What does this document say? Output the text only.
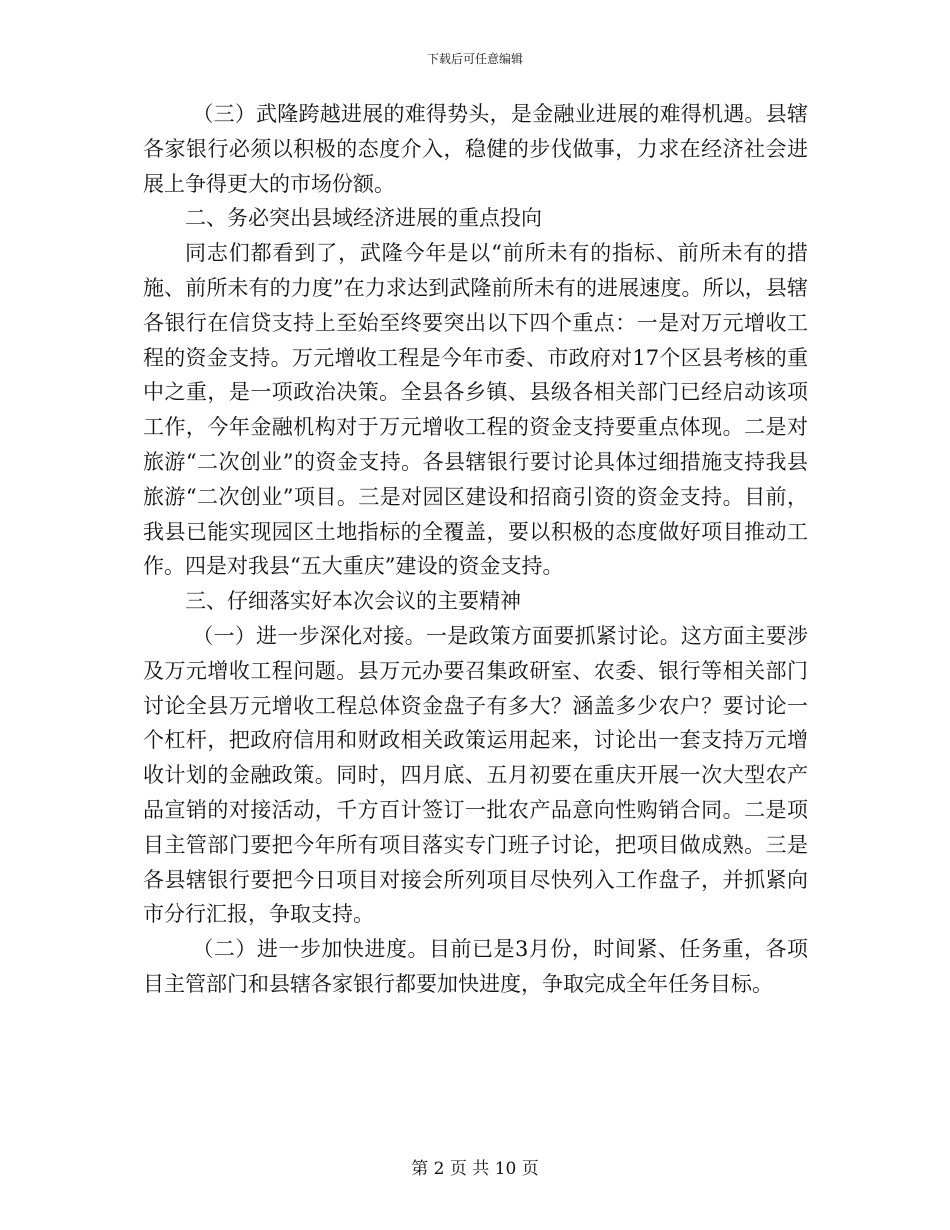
下载后可任意编辑

（三）武隆跨越进展的难得势头，是金融业进展的难得机遇。县辖各家银行必须以积极的态度介入，稳健的步伐做事，力求在经济社会进展上争得更大的市场份额。

二、务必突出县域经济进展的重点投向

同志们都看到了，武隆今年是以“前所未有的指标、前所未有的措施、前所未有的力度”在力求达到武隆前所未有的进展速度。所以，县辖各银行在信贷支持上至始至终要突出以下四个重点：一是对万元增收工程的资金支持。万元增收工程是今年市委、市政府对17个区县考核的重中之重，是一项政治决策。全县各乡镇、县级各相关部门已经启动该项工作，今年金融机构对于万元增收工程的资金支持要重点体现。二是对旅游“二次创业”的资金支持。各县辖银行要讨论具体过细措施支持我县旅游“二次创业”项目。三是对园区建设和招商引资的资金支持。目前，我县已能实现园区土地指标的全覆盖，要以积极的态度做好项目推动工作。四是对我县“五大重庆”建设的资金支持。

三、仔细落实好本次会议的主要精神

（一）进一步深化对接。一是政策方面要抓紧讨论。这方面主要涉及万元增收工程问题。县万元办要召集政研室、农委、银行等相关部门讨论全县万元增收工程总体资金盘子有多大？涵盖多少农户？要讨论一个杠杆，把政府信用和财政相关政策运用起来，讨论出一套支持万元增收计划的金融政策。同时，四月底、五月初要在重庆开展一次大型农产品宣销的对接活动，千方百计签订一批农产品意向性购销合同。二是项目主管部门要把今年所有项目落实专门班子讨论，把项目做成熟。三是各县辖银行要把今日项目对接会所列项目尽快列入工作盘子，并抓紧向市分行汇报，争取支持。

（二）进一步加快进度。目前已是3月份，时间紧、任务重，各项目主管部门和县辖各家银行都要加快进度，争取完成全年任务目标。

第 2 页 共 10 页
